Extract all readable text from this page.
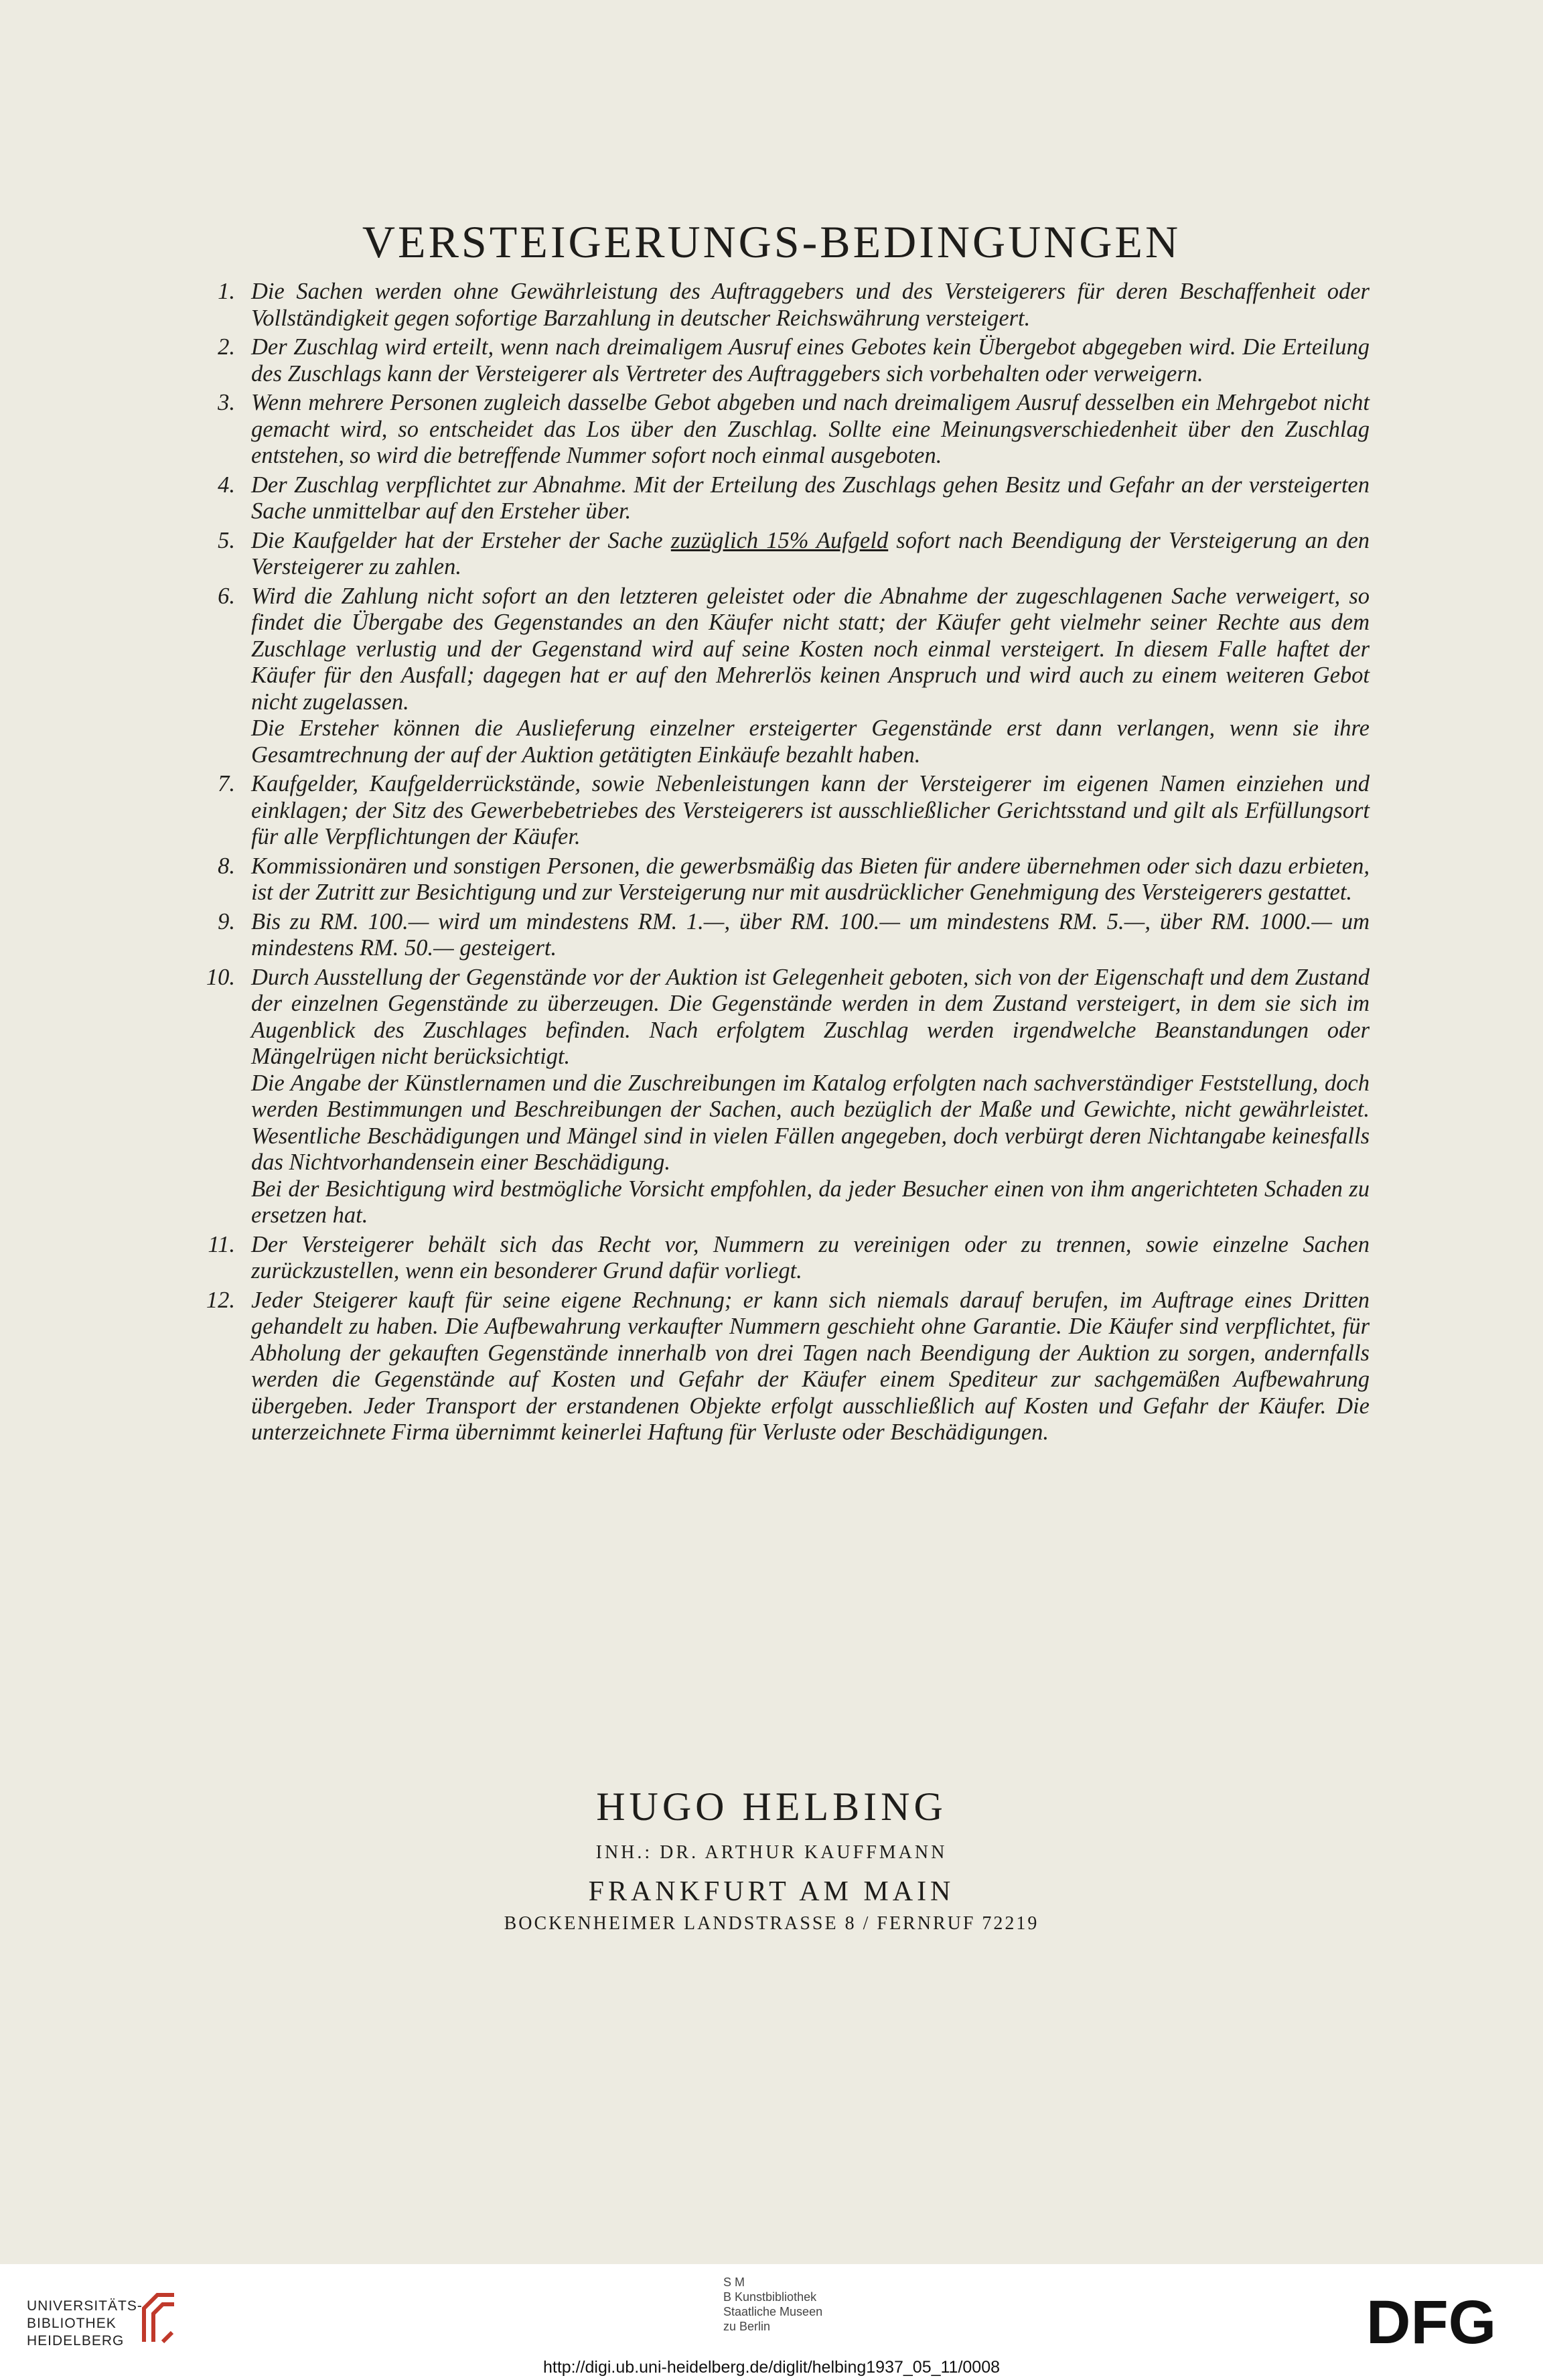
VERSTEIGERUNGS-BEDINGUNGEN
1. Die Sachen werden ohne Gewährleistung des Auftraggebers und des Versteigerers für deren Beschaffenheit oder Vollständigkeit gegen sofortige Barzahlung in deutscher Reichswährung versteigert.

2. Der Zuschlag wird erteilt, wenn nach dreimaligem Ausruf eines Gebotes kein Übergebot abgegeben wird. Die Erteilung des Zuschlags kann der Versteigerer als Vertreter des Auftraggebers sich vorbehalten oder verweigern.

3. Wenn mehrere Personen zugleich dasselbe Gebot abgeben und nach dreimaligem Ausruf desselben ein Mehrgebot nicht gemacht wird, so entscheidet das Los über den Zuschlag. Sollte eine Meinungsverschiedenheit über den Zuschlag entstehen, so wird die betreffende Nummer sofort noch einmal ausgeboten.

4. Der Zuschlag verpflichtet zur Abnahme. Mit der Erteilung des Zuschlags gehen Besitz und Gefahr an der versteigerten Sache unmittelbar auf den Ersteher über.

5. Die Kaufgelder hat der Ersteher der Sache zuzüglich 15% Aufgeld sofort nach Beendigung der Versteigerung an den Versteigerer zu zahlen.

6. Wird die Zahlung nicht sofort an den letzteren geleistet oder die Abnahme der zugeschlagenen Sache verweigert, so findet die Übergabe des Gegenstandes an den Käufer nicht statt; der Käufer geht vielmehr seiner Rechte aus dem Zuschlage verlustig und der Gegenstand wird auf seine Kosten noch einmal versteigert. In diesem Falle haftet der Käufer für den Ausfall; dagegen hat er auf den Mehrerlös keinen Anspruch und wird auch zu einem weiteren Gebot nicht zugelassen.

Die Ersteher können die Auslieferung einzelner ersteigerter Gegenstände erst dann verlangen, wenn sie ihre Gesamtrechnung der auf der Auktion getätigten Einkäufe bezahlt haben.

7. Kaufgelder, Kaufgelderrückstände, sowie Nebenleistungen kann der Versteigerer im eigenen Namen einziehen und einklagen; der Sitz des Gewerbebetriebes des Versteigerers ist ausschließlicher Gerichtsstand und gilt als Erfüllungsort für alle Verpflichtungen der Käufer.

8. Kommissionären und sonstigen Personen, die gewerbsmäßig das Bieten für andere übernehmen oder sich dazu erbieten, ist der Zutritt zur Besichtigung und zur Versteigerung nur mit ausdrücklicher Genehmigung des Versteigerers gestattet.

9. Bis zu RM. 100.— wird um mindestens RM. 1.—, über RM. 100.— um mindestens RM. 5.—, über RM. 1000.— um mindestens RM. 50.— gesteigert.

10. Durch Ausstellung der Gegenstände vor der Auktion ist Gelegenheit geboten, sich von der Eigenschaft und dem Zustand der einzelnen Gegenstände zu überzeugen. Die Gegenstände werden in dem Zustand versteigert, in dem sie sich im Augenblick des Zuschlages befinden. Nach erfolgtem Zuschlag werden irgendwelche Beanstandungen oder Mängelrügen nicht berücksichtigt.

Die Angabe der Künstlernamen und die Zuschreibungen im Katalog erfolgten nach sachverständiger Feststellung, doch werden Bestimmungen und Beschreibungen der Sachen, auch bezüglich der Maße und Gewichte, nicht gewährleistet. Wesentliche Beschädigungen und Mängel sind in vielen Fällen angegeben, doch verbürgt deren Nichtangabe keinesfalls das Nichtvorhandensein einer Beschädigung.

Bei der Besichtigung wird bestmögliche Vorsicht empfohlen, da jeder Besucher einen von ihm angerichteten Schaden zu ersetzen hat.

11. Der Versteigerer behält sich das Recht vor, Nummern zu vereinigen oder zu trennen, sowie einzelne Sachen zurückzustellen, wenn ein besonderer Grund dafür vorliegt.

12. Jeder Steigerer kauft für seine eigene Rechnung; er kann sich niemals darauf berufen, im Auftrage eines Dritten gehandelt zu haben. Die Aufbewahrung verkaufter Nummern geschieht ohne Garantie. Die Käufer sind verpflichtet, für Abholung der gekauften Gegenstände innerhalb von drei Tagen nach Beendigung der Auktion zu sorgen, andernfalls werden die Gegenstände auf Kosten und Gefahr der Käufer einem Spediteur zur sachgemäßen Aufbewahrung übergeben. Jeder Transport der erstandenen Objekte erfolgt ausschließlich auf Kosten und Gefahr der Käufer. Die unterzeichnete Firma übernimmt keinerlei Haftung für Verluste oder Beschädigungen.

HUGO HELBING
INH.: DR. ARTHUR KAUFFMANN
FRANKFURT AM MAIN
BOCKENHEIMER LANDSTRASSE 8 / FERNRUF 72219
UNIVERSITÄTS-
BIBLIOTHEK
HEIDELBERG
S M
B Kunstbibliothek
Staatliche Museen
zu Berlin	DFG
http://digi.ub.uni-heidelberg.de/diglit/helbing1937_05_11/0008
